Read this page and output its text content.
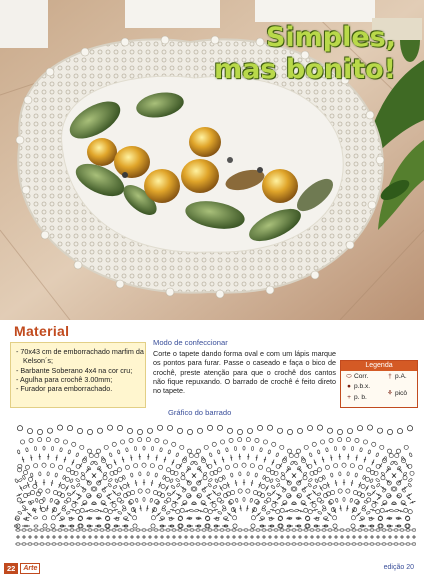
Simples,
mas bonito!
Material
- 70x43 cm de emborrachado marfim da Kelson´s;
- Barbante Soberano 4x4 na cor cru;
- Agulha para crochê 3.00mm;
- Furador para emborrachado.
Modo de confeccionar
Corte o tapete dando forma oval e com um lápis marque os pontos para furar. Passe o caseado e faça o bico de crochê, preste atenção para que o crochê dos cantos não fique repuxando. O barrado de crochê é feito direto no tapete.
Legenda
⬭ Corr.	† p.A.
● p.b.x.
⚘ picô
+ p. b.
Gráfico do barrado
22	Arte	edição 20
